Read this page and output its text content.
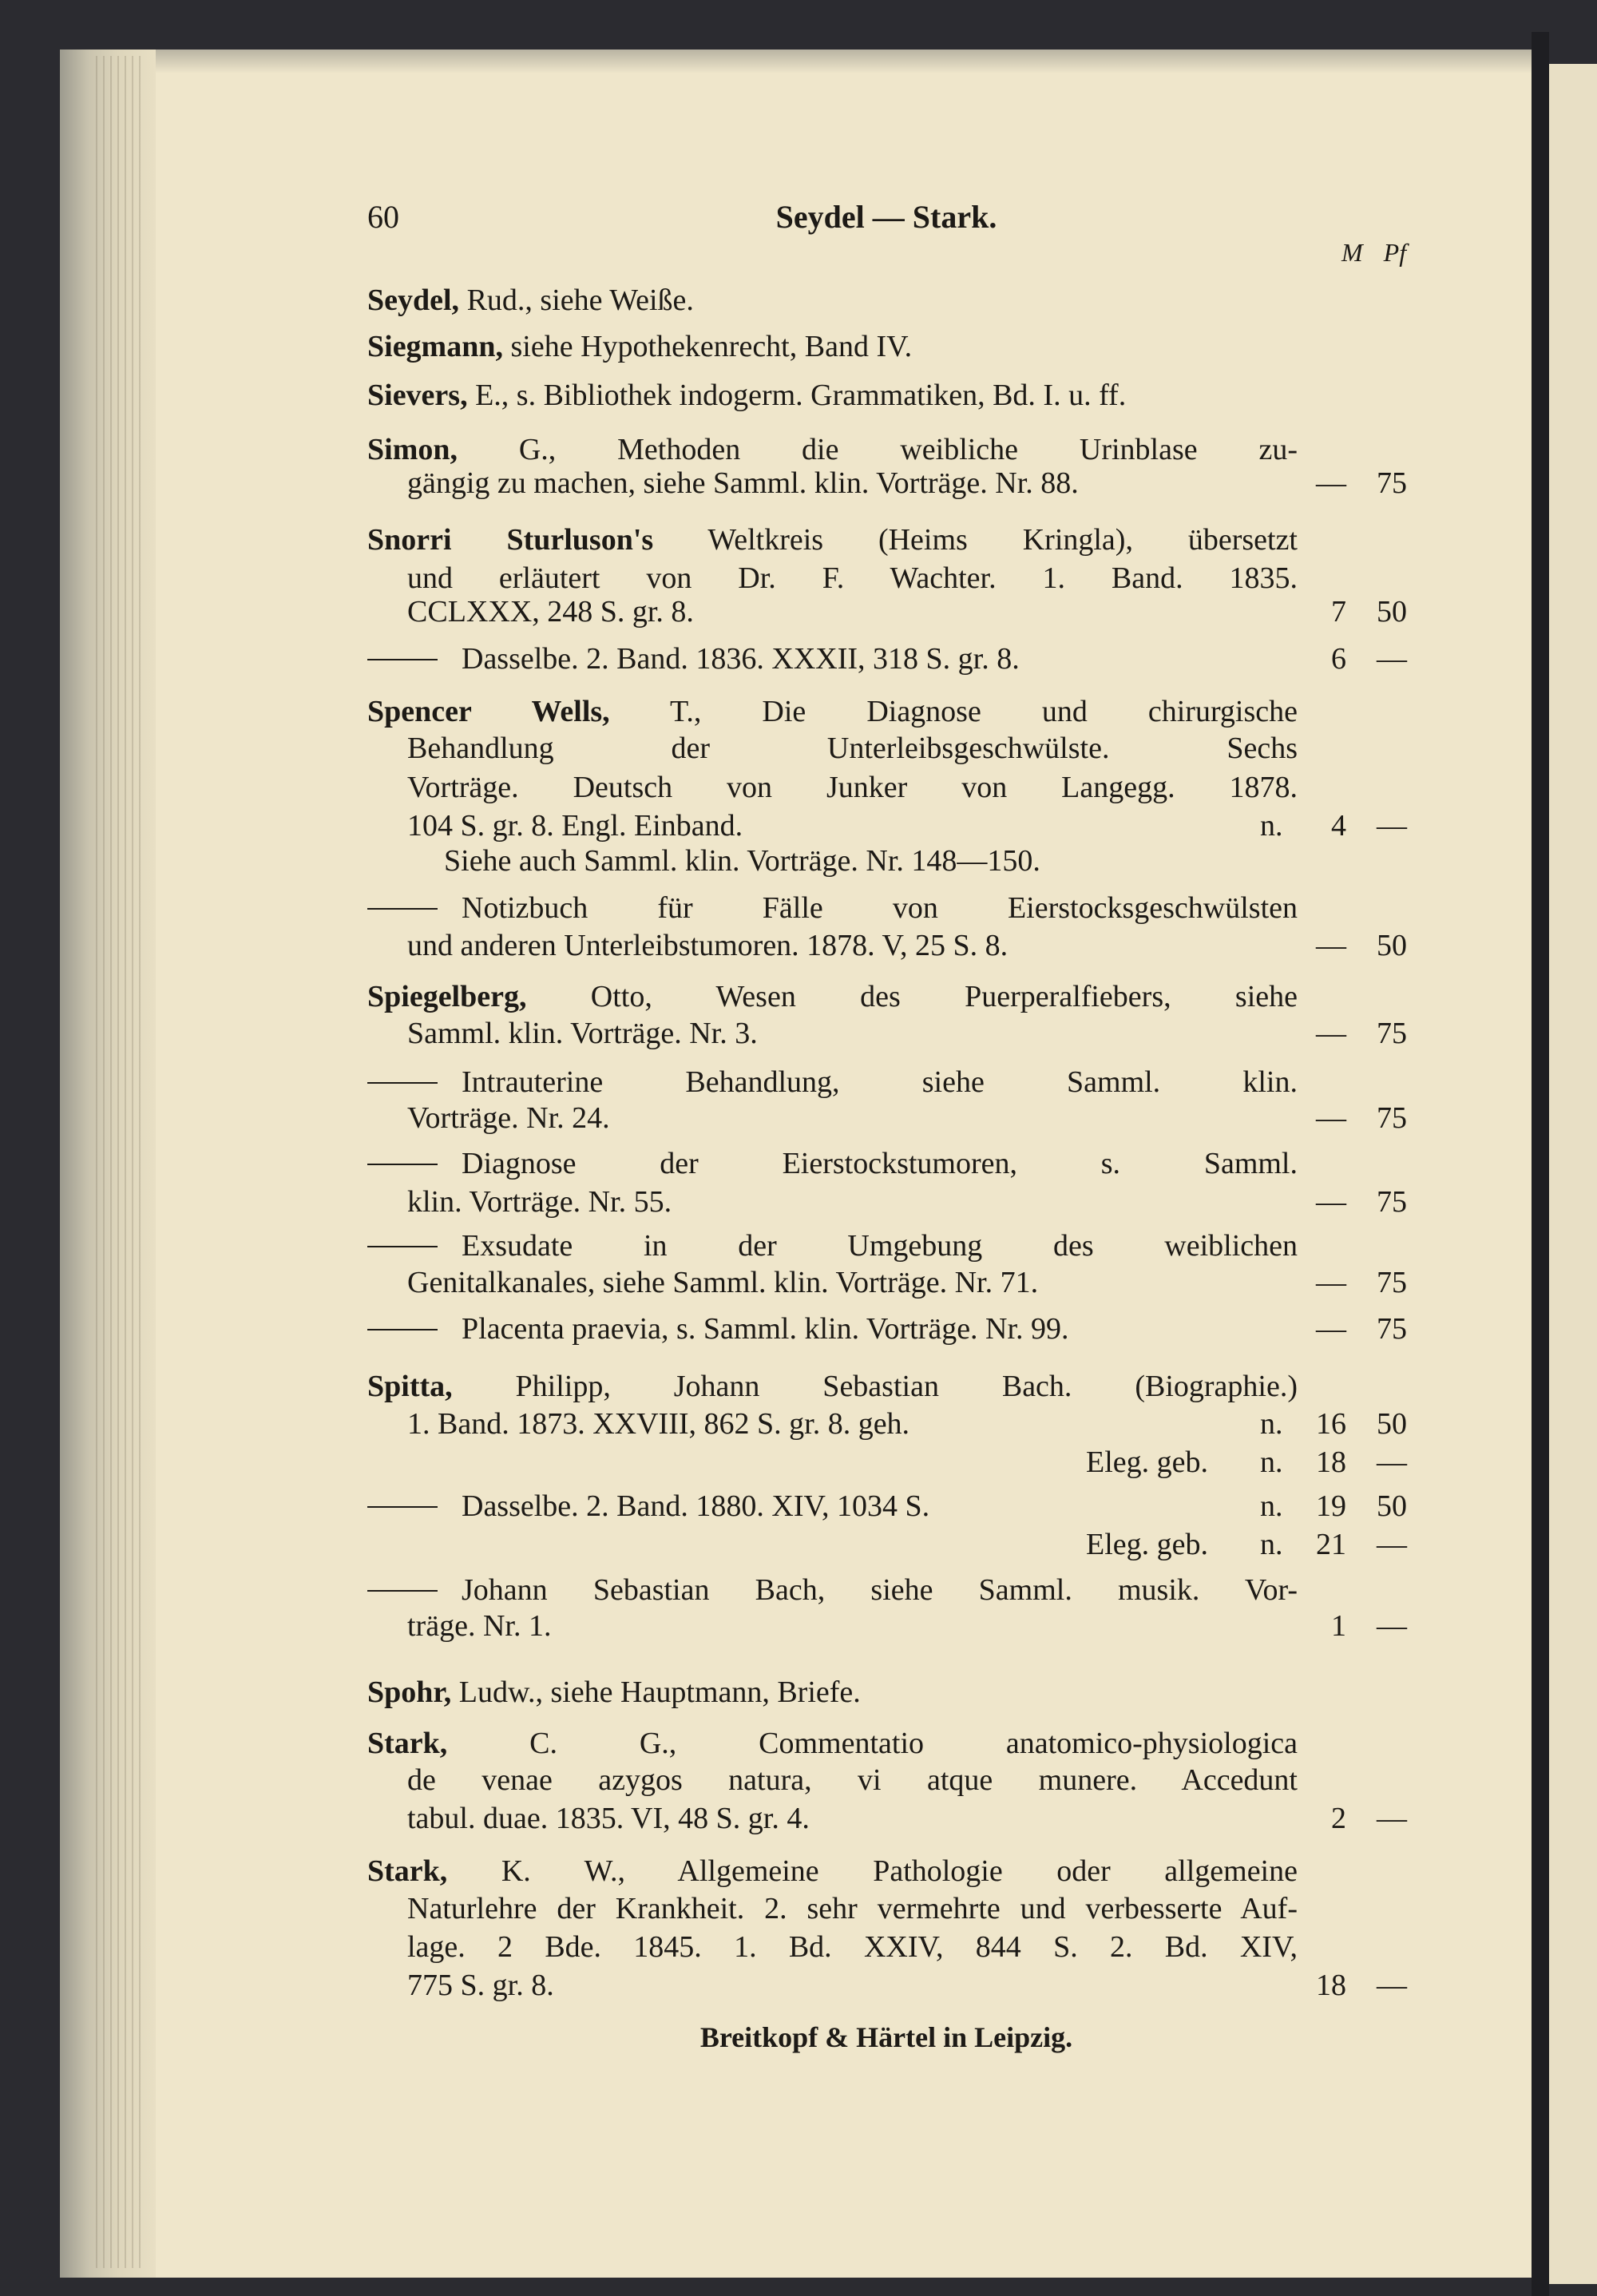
60	Seydel — Stark.
M Pf
Seydel, Rud., siehe Weiße.
Siegmann, siehe Hypothekenrecht, Band IV.
Sievers, E., s. Bibliothek indogerm. Grammatiken, Bd. I. u. ff.
Simon, G., Methoden die weibliche Urinblase zu-
gängig zu machen, siehe Samml. klin. Vorträge. Nr. 88.	—	75
Snorri Sturluson's Weltkreis (Heims Kringla), übersetzt
und erläutert von Dr. F. Wachter. 1. Band. 1835.
CCLXXX, 248 S. gr. 8.	7	50
Dasselbe. 2. Band. 1836. XXXII, 318 S. gr. 8.	6	—
Spencer Wells, T., Die Diagnose und chirurgische
Behandlung der Unterleibsgeschwülste. Sechs
Vorträge. Deutsch von Junker von Langegg. 1878.
104 S. gr. 8. Engl. Einband.	n.	4	—
Siehe auch Samml. klin. Vorträge. Nr. 148—150.
Notizbuch für Fälle von Eierstocksgeschwülsten
und anderen Unterleibstumoren. 1878. V, 25 S. 8.	—	50
Spiegelberg, Otto, Wesen des Puerperalfiebers, siehe
Samml. klin. Vorträge. Nr. 3.	—	75
Intrauterine Behandlung, siehe Samml. klin.
Vorträge. Nr. 24.	—	75
Diagnose der Eierstockstumoren, s. Samml.
klin. Vorträge. Nr. 55.	—	75
Exsudate in der Umgebung des weiblichen
Genitalkanales, siehe Samml. klin. Vorträge. Nr. 71.	—	75
Placenta praevia, s. Samml. klin. Vorträge. Nr. 99.	—	75
Spitta, Philipp, Johann Sebastian Bach. (Biographie.)
1. Band. 1873. XXVIII, 862 S. gr. 8. geh.	n.	16	50
Eleg. geb.	n.	18	—
Dasselbe. 2. Band. 1880. XIV, 1034 S.	n.	19	50
Eleg. geb.	n.	21	—
Johann Sebastian Bach, siehe Samml. musik. Vor-
träge. Nr. 1.	1	—
Spohr, Ludw., siehe Hauptmann, Briefe.
Stark, C. G., Commentatio anatomico-physiologica
de venae azygos natura, vi atque munere. Accedunt
tabul. duae. 1835. VI, 48 S. gr. 4.	2	—
Stark, K. W., Allgemeine Pathologie oder allgemeine
Naturlehre der Krankheit. 2. sehr vermehrte und verbesserte Auf-
lage. 2 Bde. 1845. 1. Bd. XXIV, 844 S. 2. Bd. XIV,
775 S. gr. 8.	18	—
Breitkopf & Härtel in Leipzig.
